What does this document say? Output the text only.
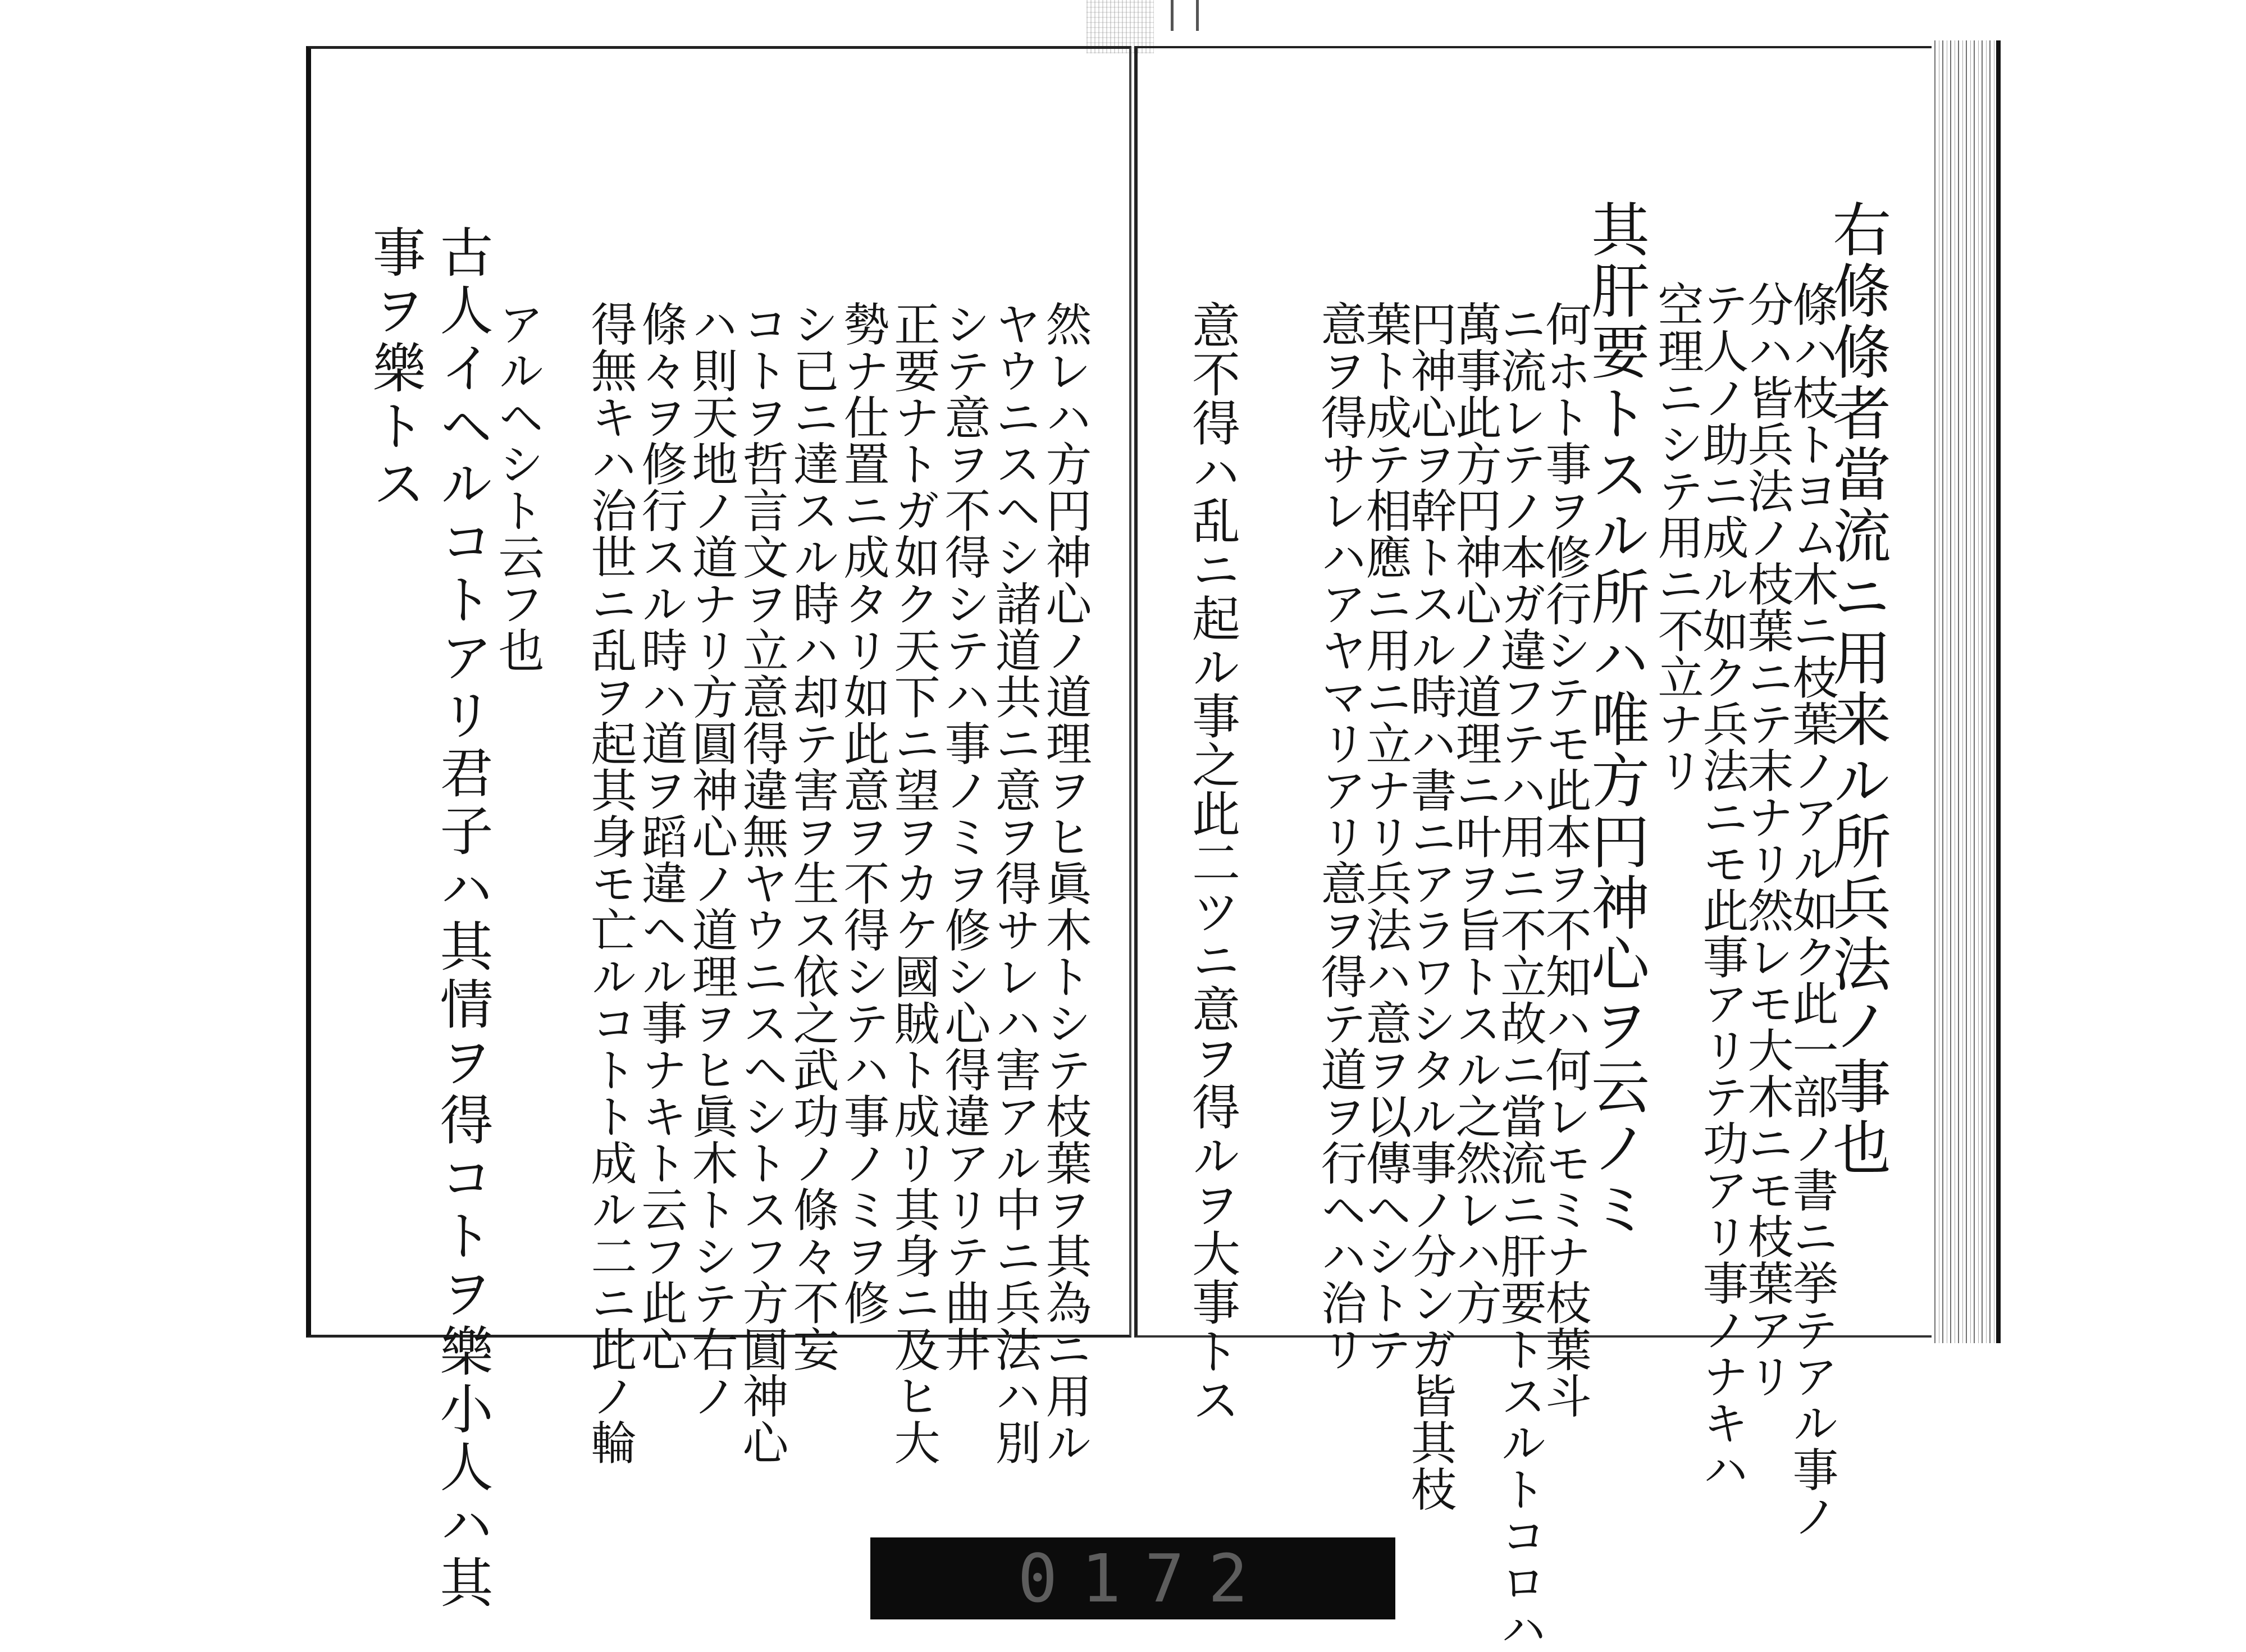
右條條者當流ニ用来ル所兵法ノ事也
條ハ枝トヨム木ニ枝葉ノアル如ク此一部ノ書ニ挙テアル事ノ
分ハ皆兵法ノ枝葉ニテ末ナリ然レモ大木ニモ枝葉アリ
テ人ノ助ニ成ル如ク兵法ニモ此事アリテ功アリ事ノナキハ
空理ニシテ用ニ不立ナリ
其肝要トスル所ハ唯方円神心ヲ云ノミ
何ホト事ヲ修行シテモ此本ヲ不知ハ何レモミナ枝葉斗
ニ流レテノ本ガ違フテハ用ニ不立故ニ當流ニ肝要トスルトコロハ
萬事此方円神心ノ道理ニ叶ヲ旨トスル之然レハ方
円神心ヲ幹トスル時ハ書ニアラワシタル事ノ分ンガ皆其枝
葉ト成テ相應ニ用ニ立ナリ兵法ハ意ヲ以傳ヘシトテ
意ヲ得サレハアヤマリアリ意ヲ得テ道ヲ行ヘハ治リ
意不得ハ乱ニ起ル事之此二ツニ意ヲ得ルヲ大事トス
然レハ方円神心ノ道理ヲヒ眞木トシテ枝葉ヲ其為ニ用ル
ヤウニスヘシ諸道共ニ意ヲ得サレハ害アル中ニ兵法ハ別
シテ意ヲ不得シテハ事ノミヲ修シ心得違アリテ曲井
正要ナトガ如ク天下ニ望ヲカケ國賊ト成リ其身ニ及ヒ大
勢ナ仕置ニ成タリ如此意ヲ不得シテハ事ノミヲ修
シ已ニ達スル時ハ却テ害ヲ生ス依之武功ノ條々不妄
コトヲ哲言文ヲ立意得違無ヤウニスヘシトスフ方圓神心
ハ則天地ノ道ナリ方圓神心ノ道理ヲヒ眞木トシテ右ノ
條々ヲ修行スル時ハ道ヲ蹈違ヘル事ナキト云フ此心
得無キハ治世ニ乱ヲ起其身モ亡ルコトト成ル二ニ此ノ輪
アルヘシト云フ也
古人イヘルコトアリ君子ハ其情ヲ得コトヲ樂小人ハ其
事ヲ樂トス
0172
